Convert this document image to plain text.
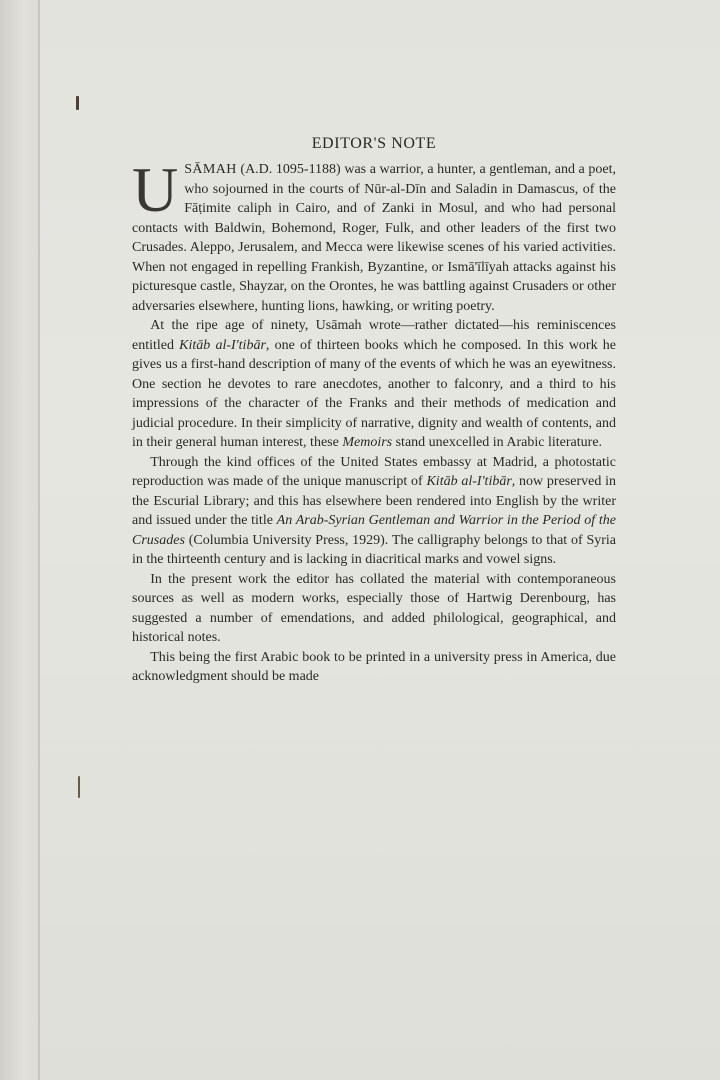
EDITOR'S NOTE

USĀMAH (A.D. 1095-1188) was a warrior, a hunter, a gentleman, and a poet, who sojourned in the courts of Nūr-al-Dīn and Saladin in Damascus, of the Fāṭimite caliph in Cairo, and of Zanki in Mosul, and who had personal contacts with Baldwin, Bohemond, Roger, Fulk, and other leaders of the first two Crusades. Aleppo, Jerusalem, and Mecca were likewise scenes of his varied activities. When not engaged in repelling Frankish, Byzantine, or Ismā'īlīyah attacks against his picturesque castle, Shayzar, on the Orontes, he was battling against Crusaders or other adversaries elsewhere, hunting lions, hawking, or writing poetry.

At the ripe age of ninety, Usāmah wrote—rather dictated—his reminiscences entitled Kitāb al-I'tibār, one of thirteen books which he composed. In this work he gives us a first-hand description of many of the events of which he was an eyewitness. One section he devotes to rare anecdotes, another to falconry, and a third to his impressions of the character of the Franks and their methods of medication and judicial procedure. In their simplicity of narrative, dignity and wealth of contents, and in their general human interest, these Memoirs stand unexcelled in Arabic literature.

Through the kind offices of the United States embassy at Madrid, a photostatic reproduction was made of the unique manuscript of Kitāb al-I'tibār, now preserved in the Escurial Library; and this has elsewhere been rendered into English by the writer and issued under the title An Arab-Syrian Gentleman and Warrior in the Period of the Crusades (Columbia University Press, 1929). The calligraphy belongs to that of Syria in the thirteenth century and is lacking in diacritical marks and vowel signs.

In the present work the editor has collated the material with contemporaneous sources as well as modern works, especially those of Hartwig Derenbourg, has suggested a number of emendations, and added philological, geographical, and historical notes.

This being the first Arabic book to be printed in a university press in America, due acknowledgment should be made
